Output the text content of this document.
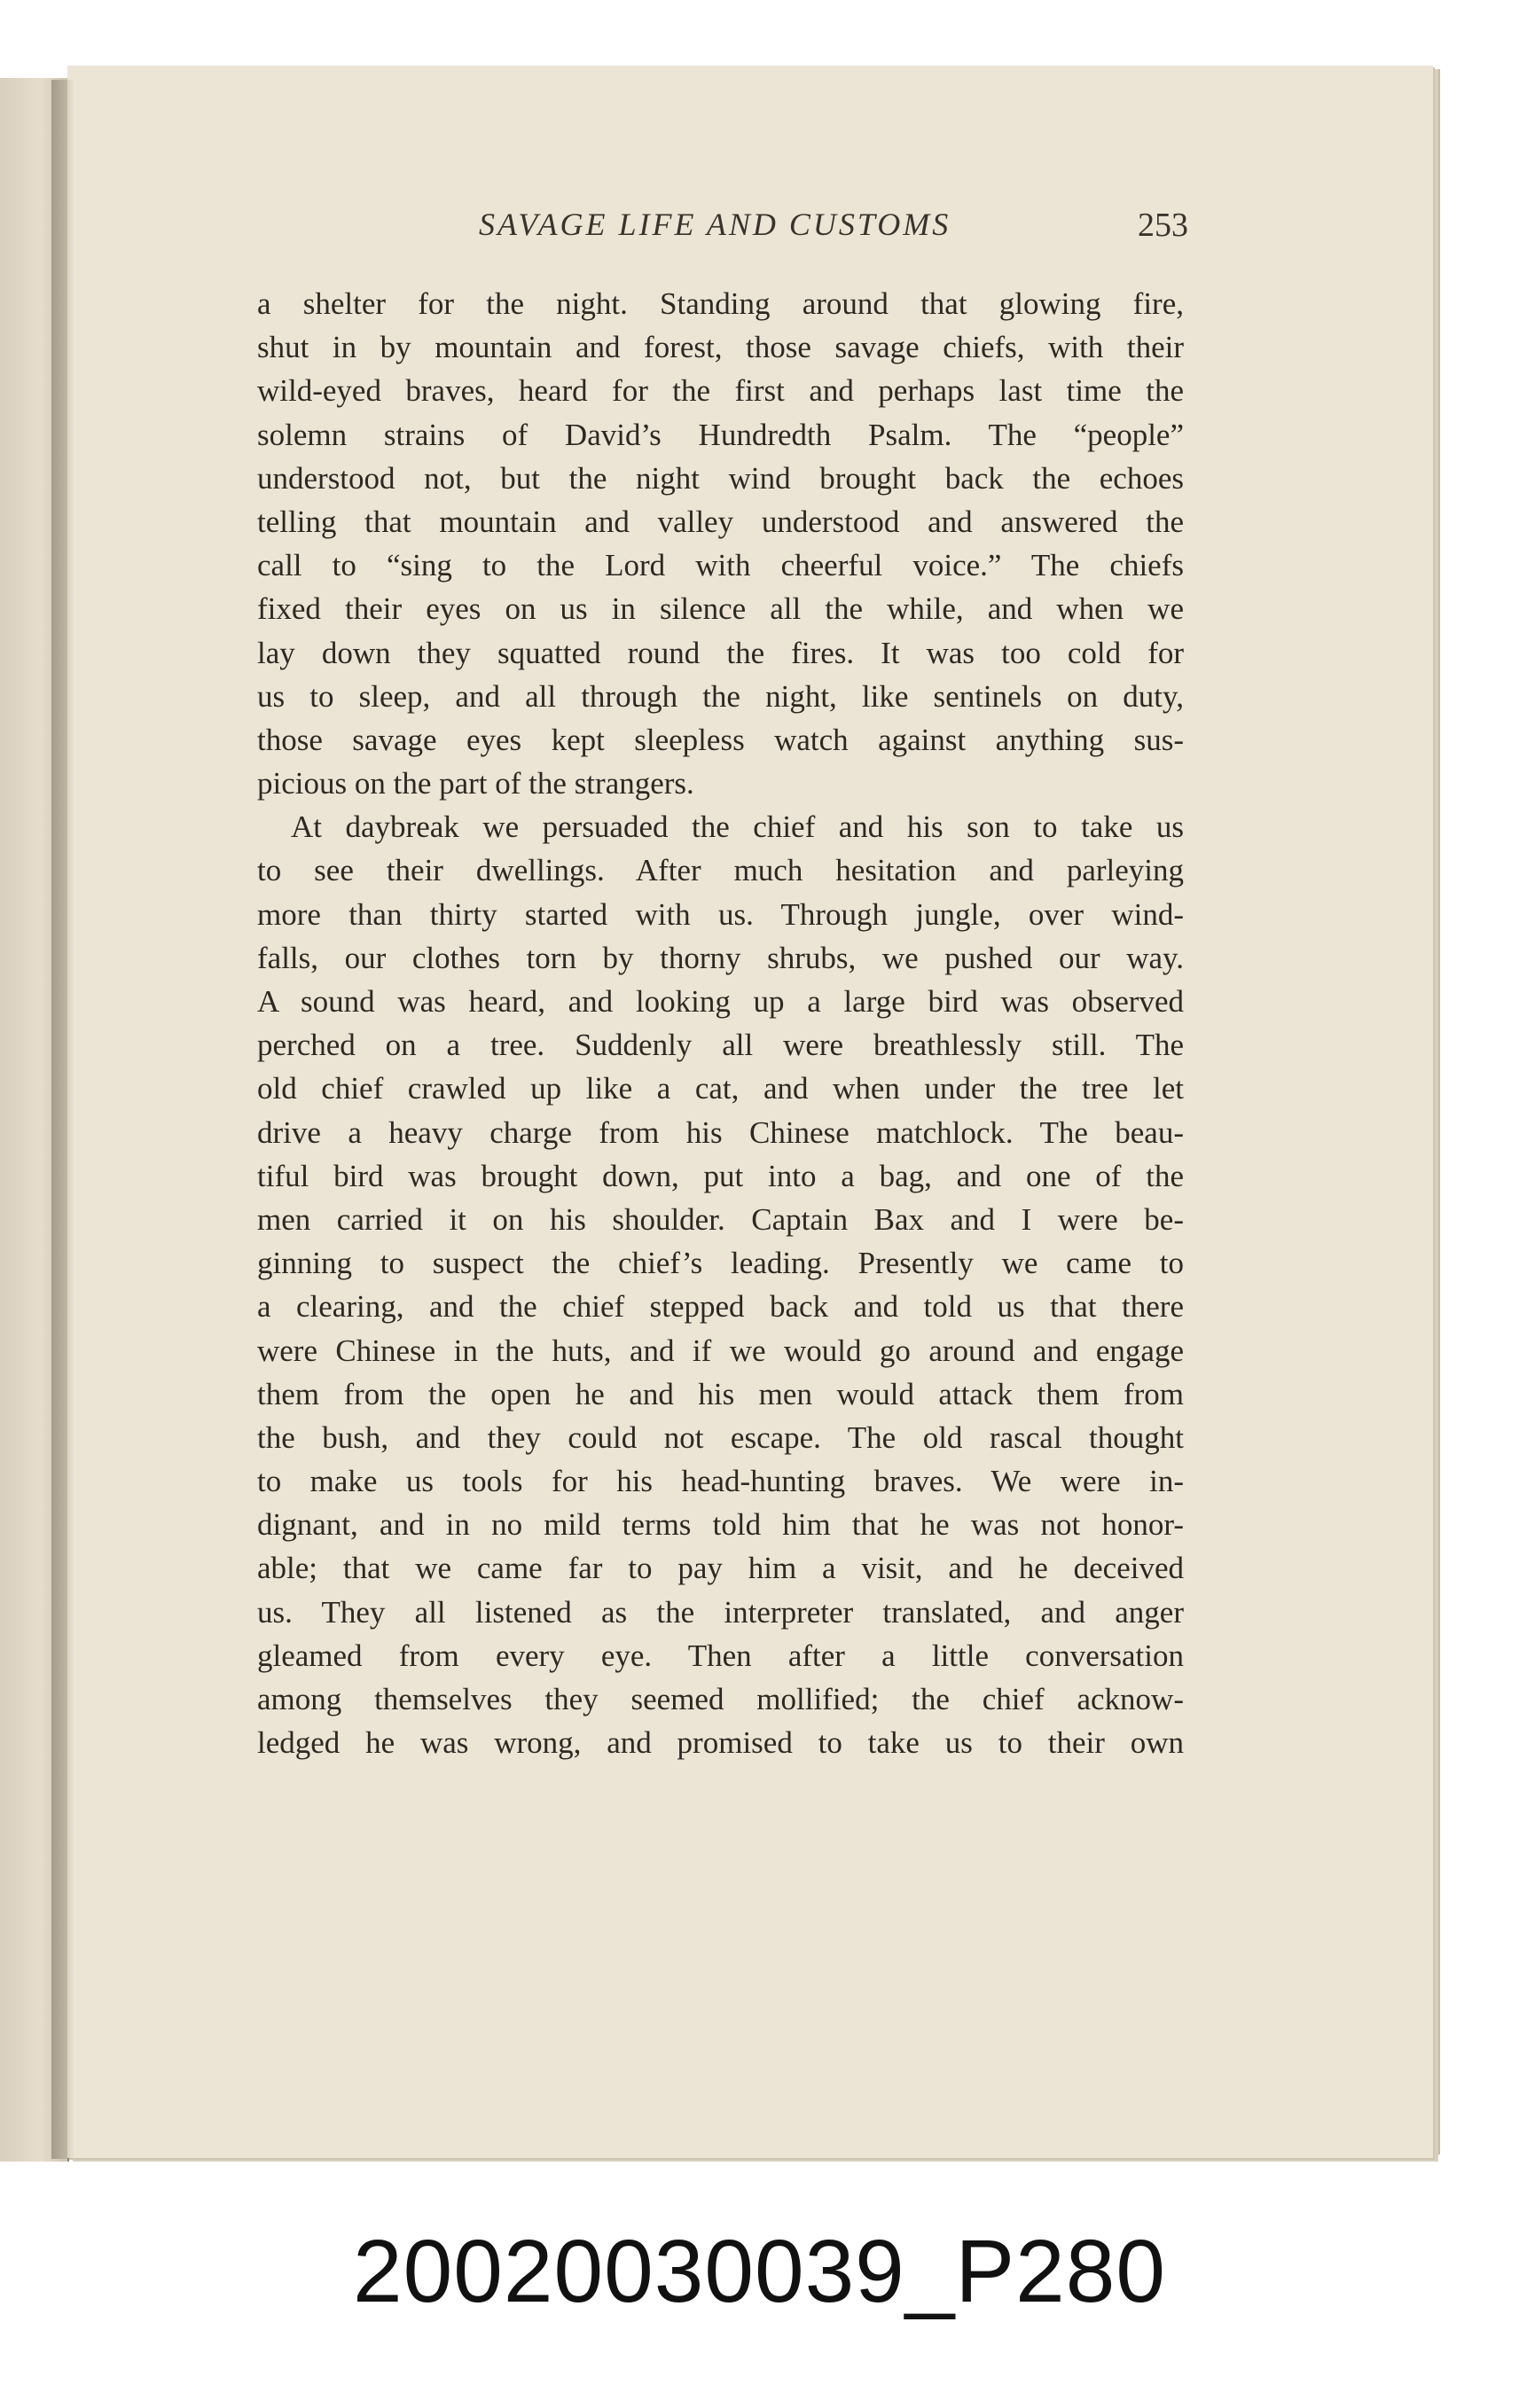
SAVAGE LIFE AND CUSTOMS	253
a shelter for the night. Standing around that glowing fire,
shut in by mountain and forest, those savage chiefs, with their
wild-eyed braves, heard for the first and perhaps last time the
solemn strains of David’s Hundredth Psalm. The “people”
understood not, but the night wind brought back the echoes
telling that mountain and valley understood and answered the
call to “sing to the Lord with cheerful voice.” The chiefs
fixed their eyes on us in silence all the while, and when we
lay down they squatted round the fires. It was too cold for
us to sleep, and all through the night, like sentinels on duty,
those savage eyes kept sleepless watch against anything sus-
picious on the part of the strangers.
At daybreak we persuaded the chief and his son to take us
to see their dwellings. After much hesitation and parleying
more than thirty started with us. Through jungle, over wind-
falls, our clothes torn by thorny shrubs, we pushed our way.
A sound was heard, and looking up a large bird was observed
perched on a tree. Suddenly all were breathlessly still. The
old chief crawled up like a cat, and when under the tree let
drive a heavy charge from his Chinese matchlock. The beau-
tiful bird was brought down, put into a bag, and one of the
men carried it on his shoulder. Captain Bax and I were be-
ginning to suspect the chief’s leading. Presently we came to
a clearing, and the chief stepped back and told us that there
were Chinese in the huts, and if we would go around and engage
them from the open he and his men would attack them from
the bush, and they could not escape. The old rascal thought
to make us tools for his head-hunting braves. We were in-
dignant, and in no mild terms told him that he was not honor-
able; that we came far to pay him a visit, and he deceived
us. They all listened as the interpreter translated, and anger
gleamed from every eye. Then after a little conversation
among themselves they seemed mollified; the chief acknow-
ledged he was wrong, and promised to take us to their own
20020030039_P280
